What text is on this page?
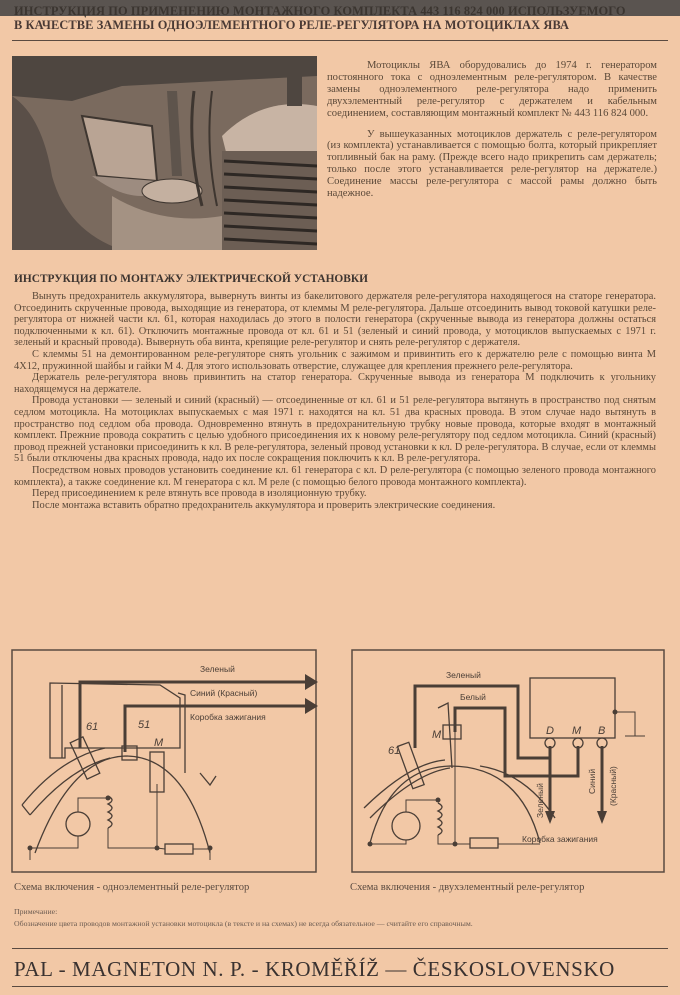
ИНСТРУКЦИЯ ПО ПРИМЕНЕНИЮ МОНТАЖНОГО КОМПЛЕКТА 443 116 824 000 ИСПОЛЬЗУЕМОГО
В КАЧЕСТВЕ ЗАМЕНЫ ОДНОЭЛЕМЕНТНОГО РЕЛЕ-РЕГУЛЯТОРА НА МОТОЦИКЛАХ ЯВА

Мотоциклы ЯВА оборудовались до 1974 г. генератором постоянного тока с одноэлементным реле-регулятором. В качестве замены одноэлементного реле-регулятора надо применить двухэлементный реле-регулятор с держателем и кабельным соединением, составляющим монтажный комплект № 443 116 824 000.

У вышеуказанных мотоциклов держатель с реле-регулятором (из комплекта) устанавливается с помощью болта, который прикрепляет топливный бак на раму. (Прежде всего надо прикрепить сам держатель; только после этого устанавливается реле-регулятор на держателе.) Соединение массы реле-регулятора с массой рамы должно быть надежное.

ИНСТРУКЦИЯ ПО МОНТАЖУ ЭЛЕКТРИЧЕСКОЙ УСТАНОВКИ

Вынуть предохранитель аккумулятора, вывернуть винты из бакелитового держателя реле-регулятора находящегося на статоре генератора. Отсоединить скрученные провода, выходящие из генератора, от клеммы М реле-регулятора. Дальше отсоединить вывод токовой катушки реле-регулятора от нижней части кл. 61, которая находилась до этого в полости генератора (скрученные вывода из генератора должны остаться подключенными к кл. 61). Отключить монтажные провода от кл. 61 и 51 (зеленый и синий провода, у мотоциклов выпускаемых с 1971 г. зеленый и красный провода). Вывернуть оба винта, крепящие реле-регулятор и снять реле-регулятор с держателя.

С клеммы 51 на демонтированном реле-регуляторе снять угольник с зажимом и привинтить его к держателю реле с помощью винта М 4X12, пружинной шайбы и гайки М 4. Для этого использовать отверстие, служащее для крепления прежнего реле-регулятора.

Держатель реле-регулятора вновь привинтить на статор генератора. Скрученные вывода из генератора М подключить к угольнику находящемуся на держателе.

Провода установки — зеленый и синий (красный) — отсоединенные от кл. 61 и 51 реле-регулятора вытянуть в пространство под снятым седлом мотоцикла. На мотоциклах выпускаемых с мая 1971 г. находятся на кл. 51 два красных провода. В этом случае надо вытянуть в пространство под седлом оба провода. Одновременно втянуть в предохранительную трубку новые провода, которые входят в монтажный комплект. Прежние провода сократить с целью удобного присоединения их к новому реле-регулятору под седлом мотоцикла. Синий (красный) провод прежней установки присоединить к кл. В реле-регулятора, зеленый провод установки к кл. D реле-регулятора. В случае, если от клеммы 51 были отключены два красных провода, надо их после сокращения поключить к кл. В реле-регулятора.

Посредством новых проводов установить соединение кл. 61 генератора с кл. D реле-регулятора (с помощью зеленого провода монтажного комплекта), а также соединение кл. М генератора с кл. М реле (с помощью белого провода монтажного комплекта).

Перед присоединением к реле втянуть все провода в изоляционную трубку.

После монтажа вставить обратно предохранитель аккумулятора и проверить электрические соединения.

Зеленый
Синий (Красный)
Коробка зажигания
61	51
M
Зеленый
Белый
M
61
D M B
Зеленый
Синий (Красный)
Коробка зажигания
Схема включения - одноэлементный реле-регулятор	Схема включения - двухэлементный реле-регулятор
Примечание:
Обозначение цвета проводов монтажной установки мотоцикла (в тексте и на схемах) не всегда обязательное — считайте его справочным.
PAL - MAGNETON N. P. - KROMĚŘÍŽ — ČESKOSLOVENSKO
